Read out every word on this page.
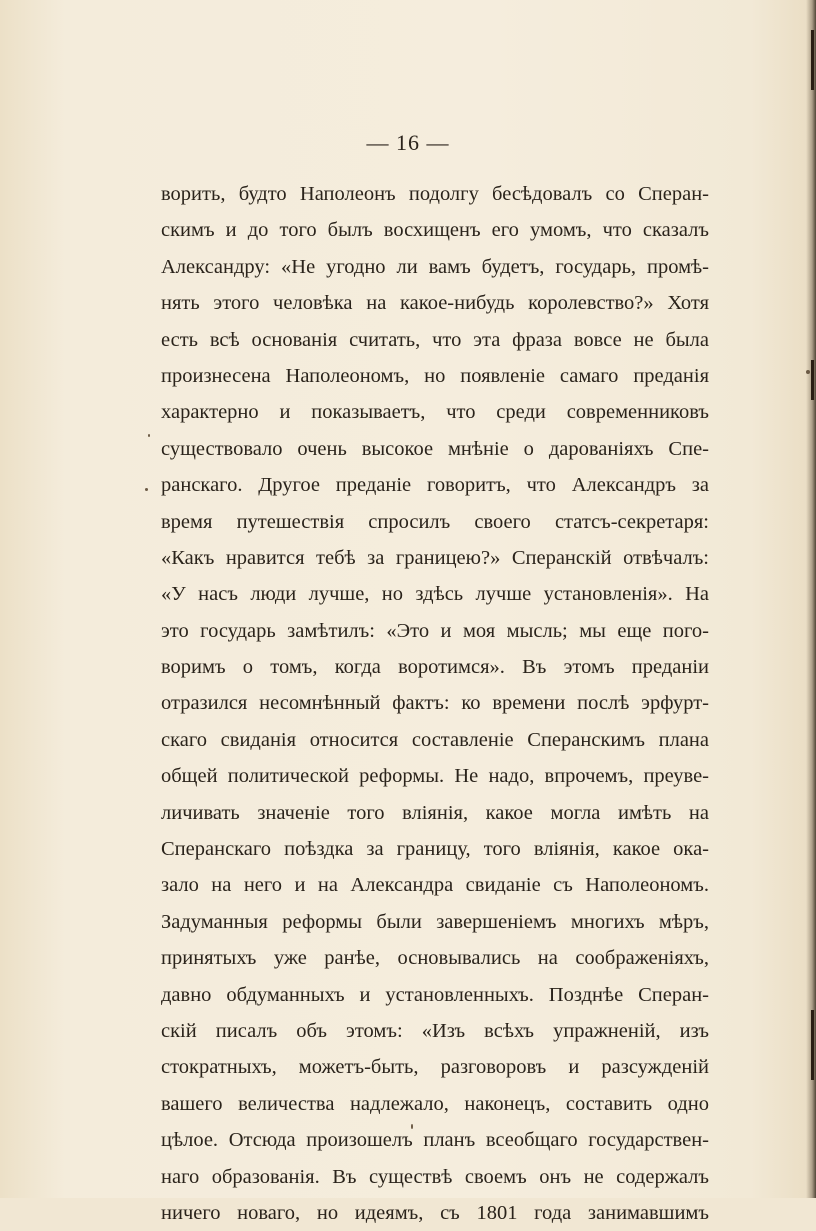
— 16 —
ворить, будто Наполеонъ подолгу бесѣдовалъ со Сперан-
скимъ и до того былъ восхищенъ его умомъ, что сказалъ
Александру: «Не угодно ли вамъ будетъ, государь, промѣ-
нять этого человѣка на какое-нибудь королевство?» Хотя
есть всѣ основанія считать, что эта фраза вовсе не была
произнесена Наполеономъ, но появленіе самаго преданія
характерно и показываетъ, что среди современниковъ
существовало очень высокое мнѣніе о дарованіяхъ Спе-
ранскаго. Другое преданіе говоритъ, что Александръ за
время путешествія спросилъ своего статсъ-секретаря:
«Какъ нравится тебѣ за границею?» Сперанскій отвѣчалъ:
«У насъ люди лучше, но здѣсь лучше установленія». На
это государь замѣтилъ: «Это и моя мысль; мы еще пого-
воримъ о томъ, когда воротимся». Въ этомъ преданіи
отразился несомнѣнный фактъ: ко времени послѣ эрфурт-
скаго свиданія относится составленіе Сперанскимъ плана
общей политической реформы. Не надо, впрочемъ, преуве-
личивать значеніе того вліянія, какое могла имѣть на
Сперанскаго поѣздка за границу, того вліянія, какое ока-
зало на него и на Александра свиданіе съ Наполеономъ.
Задуманныя реформы были завершеніемъ многихъ мѣръ,
принятыхъ уже ранѣе, основывались на соображеніяхъ,
давно обдуманныхъ и установленныхъ. Позднѣе Сперан-
скій писалъ объ этомъ: «Изъ всѣхъ упражненій, изъ
стократныхъ, можетъ-быть, разговоровъ и разсужденій
вашего величества надлежало, наконецъ, составить одно
цѣлое. Отсюда произошелъ планъ всеобщаго государствен-
наго образованія. Въ существѣ своемъ онъ не содержалъ
ничего новаго, но идеямъ, съ 1801 года занимавшимъ
